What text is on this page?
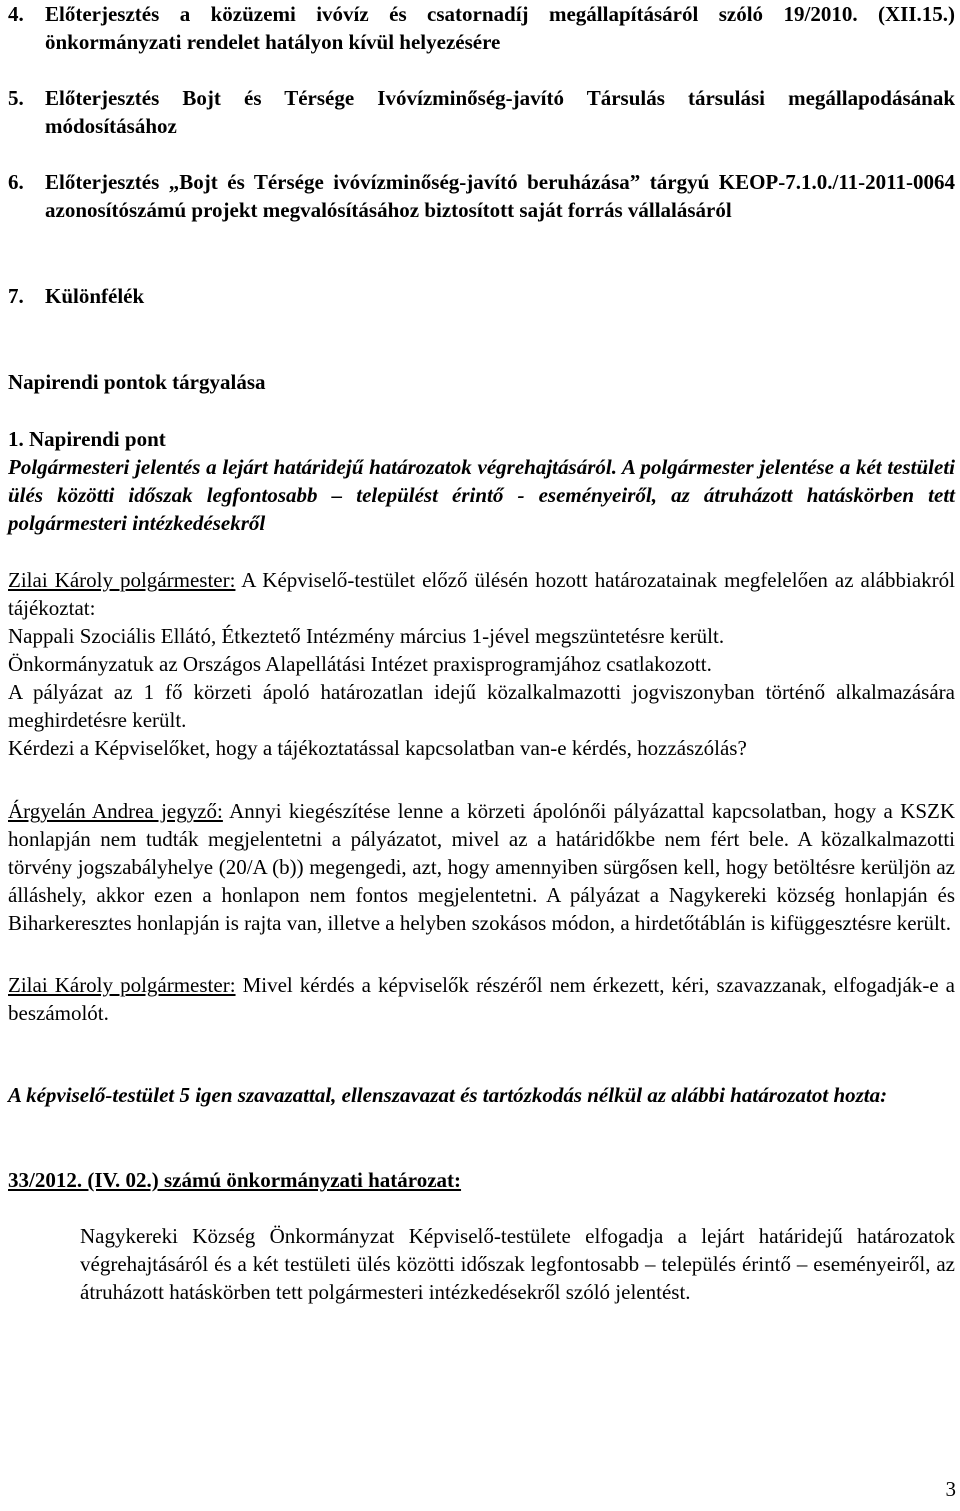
4.	Előterjesztés a közüzemi ivóvíz és csatornadíj megállapításáról szóló 19/2010. (XII.15.) önkormányzati rendelet hatályon kívül helyezésére
5.	Előterjesztés Bojt és Térsége Ivóvízminőség-javító Társulás társulási megállapodásának módosításához
6.	Előterjesztés „Bojt és Térsége ivóvízminőség-javító beruházása” tárgyú KEOP-7.1.0./11-2011-0064 azonosítószámú projekt megvalósításához biztosított saját forrás vállalásáról
7.	Különfélék

Napirendi pontok tárgyalása

1. Napirendi pont

Polgármesteri jelentés a lejárt határidejű határozatok végrehajtásáról. A polgármester jelentése a két testületi ülés közötti időszak legfontosabb – települést érintő - eseményeiről, az átruházott hatáskörben tett polgármesteri intézkedésekről

Zilai Károly polgármester: A Képviselő-testület előző ülésén hozott határozatainak megfelelően az alábbiakról tájékoztat:

Nappali Szociális Ellátó, Étkeztető Intézmény március 1-jével megszüntetésre került.

Önkormányzatuk az Országos Alapellátási Intézet praxisprogramjához csatlakozott.

A pályázat az 1 fő körzeti ápoló határozatlan idejű közalkalmazotti jogviszonyban történő alkalmazására meghirdetésre került.

Kérdezi a Képviselőket, hogy a tájékoztatással kapcsolatban van-e kérdés, hozzászólás?

Árgyelán Andrea jegyző: Annyi kiegészítése lenne a körzeti ápolónői pályázattal kapcsolatban, hogy a KSZK honlapján nem tudták megjelentetni a pályázatot, mivel az a határidőkbe nem fért bele. A közalkalmazotti törvény jogszabályhelye (20/A (b)) megengedi, azt, hogy amennyiben sürgősen kell, hogy betöltésre kerüljön az álláshely, akkor ezen a honlapon nem fontos megjelentetni. A pályázat a Nagykereki község honlapján és Biharkeresztes honlapján is rajta van, illetve a helyben szokásos módon, a hirdetőtáblán is kifüggesztésre került.

Zilai Károly polgármester: Mivel kérdés a képviselők részéről nem érkezett, kéri, szavazzanak, elfogadják-e a beszámolót.

A képviselő-testület 5 igen szavazattal, ellenszavazat és tartózkodás nélkül az alábbi határozatot hozta:

33/2012. (IV. 02.) számú önkormányzati határozat:

Nagykereki Község Önkormányzat Képviselő-testülete elfogadja a lejárt határidejű határozatok végrehajtásáról és a két testületi ülés közötti időszak legfontosabb – település érintő – eseményeiről, az átruházott hatáskörben tett polgármesteri intézkedésekről szóló jelentést.

3
